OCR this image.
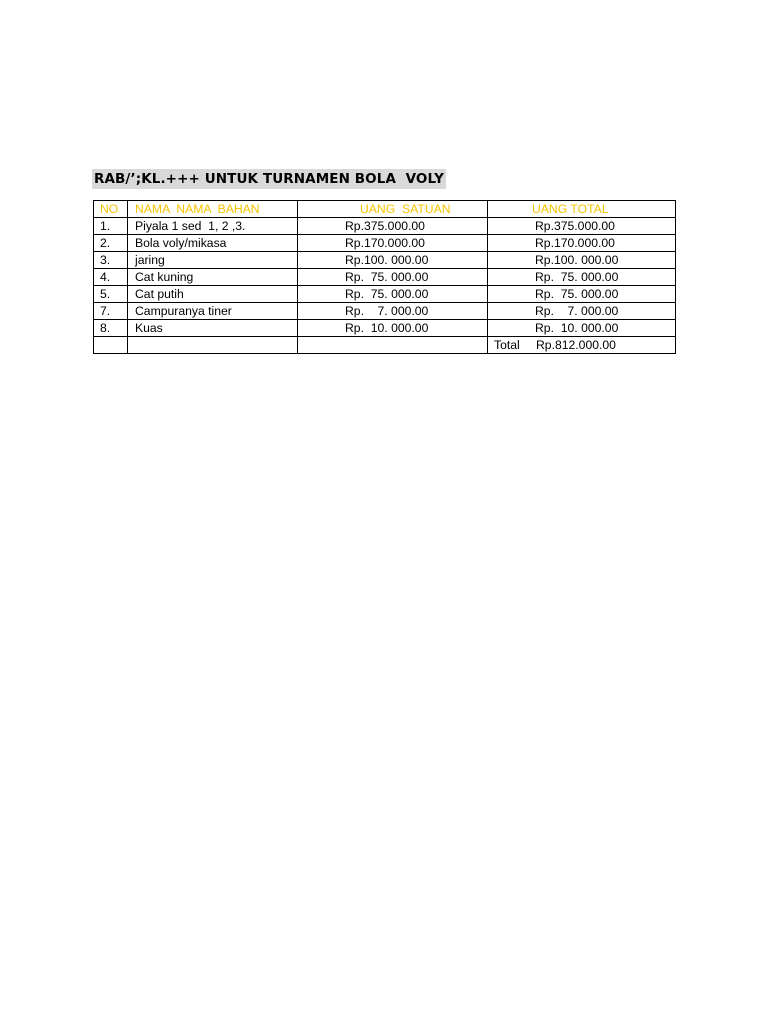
RAB/’;KL.+++ UNTUK TURNAMEN BOLA  VOLY
NO	NAMA  NAMA  BAHAN	UANG  SATUAN	UANG TOTAL
1.	Piyala 1 sed  1, 2 ,3.	Rp.375.000.00	Rp.375.000.00
2.	Bola voly/mikasa	Rp.170.000.00	Rp.170.000.00
3.	jaring	Rp.100. 000.00	Rp.100. 000.00
4.	Cat kuning	Rp.  75. 000.00	Rp.  75. 000.00
5.	Cat putih	Rp.  75. 000.00	Rp.  75. 000.00
7.	Campuranya tiner	Rp.    7. 000.00	Rp.    7. 000.00
8.	Kuas	Rp.  10. 000.00	Rp.  10. 000.00
			Total Rp.812.000.00
